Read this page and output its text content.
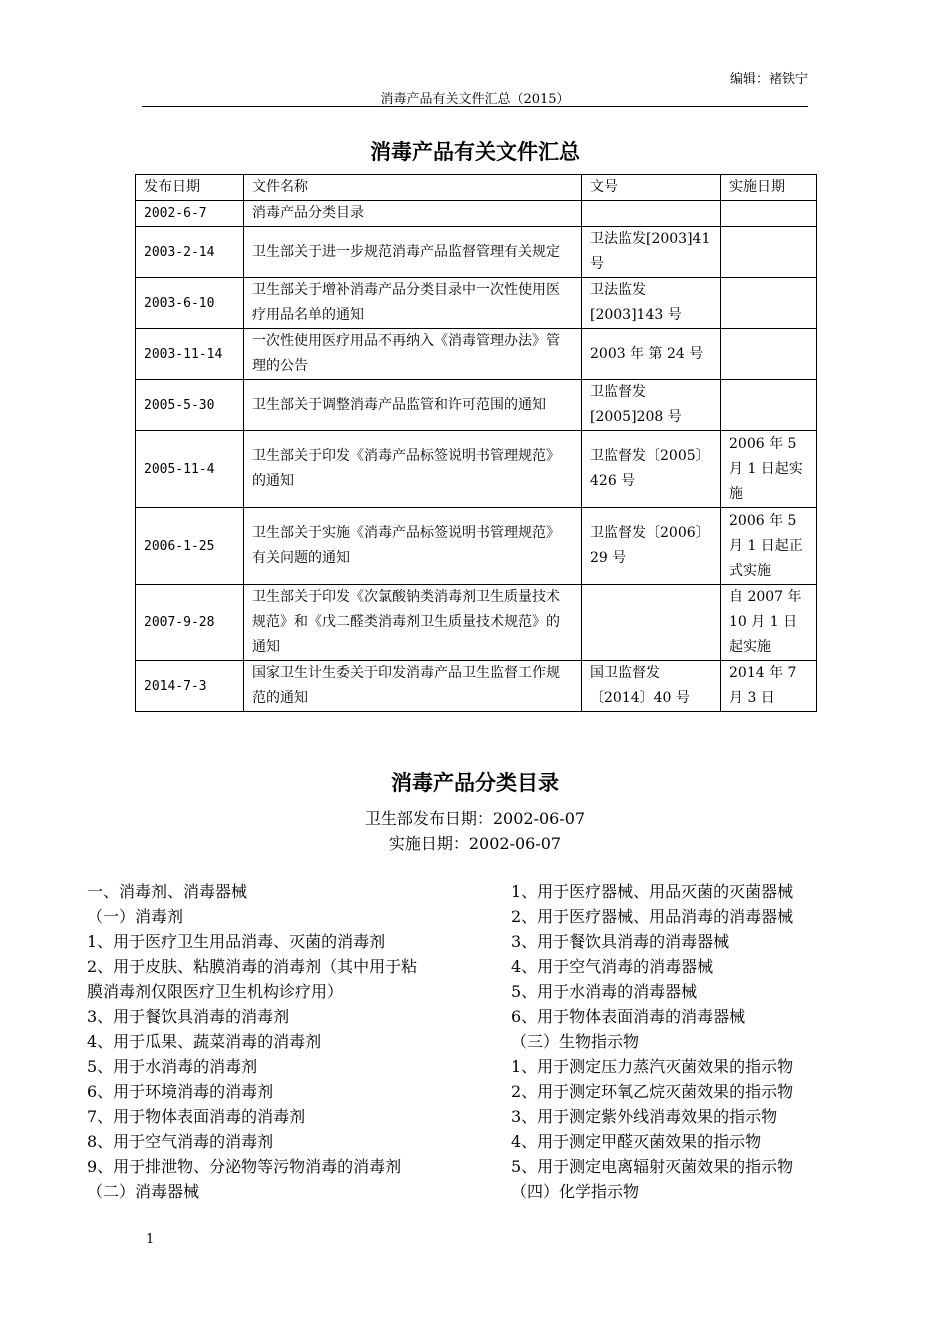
编辑：褚铁宁
消毒产品有关文件汇总（2015）
消毒产品有关文件汇总
发布日期	文件名称	文号	实施日期
2002-6-7	消毒产品分类目录		
2003-2-14	卫生部关于进一步规范消毒产品监督管理有关规定	卫法监发[2003]41 号	
2003-6-10	卫生部关于增补消毒产品分类目录中一次性使用医疗用品名单的通知	卫法监发[2003]143 号	
2003-11-14	一次性使用医疗用品不再纳入《消毒管理办法》管理的公告	2003 年 第 24 号	
2005-5-30	卫生部关于调整消毒产品监管和许可范围的通知	卫监督发[2005]208 号	
2005-11-4	卫生部关于印发《消毒产品标签说明书管理规范》的通知	卫监督发〔2005〕426 号	2006 年 5 月 1 日起实施
2006-1-25	卫生部关于实施《消毒产品标签说明书管理规范》有关问题的通知	卫监督发〔2006〕29 号	2006 年 5 月 1 日起正式实施
2007-9-28	卫生部关于印发《次氯酸钠类消毒剂卫生质量技术规范》和《戊二醛类消毒剂卫生质量技术规范》的通知		自 2007 年 10 月 1 日起实施
2014-7-3	国家卫生计生委关于印发消毒产品卫生监督工作规范的通知	国卫监督发〔2014〕40 号	2014 年 7 月 3 日
消毒产品分类目录
卫生部发布日期：2002-06-07
实施日期：2002-06-07
一、消毒剂、消毒器械
（一）消毒剂
1、用于医疗卫生用品消毒、灭菌的消毒剂
2、用于皮肤、粘膜消毒的消毒剂（其中用于粘
膜消毒剂仅限医疗卫生机构诊疗用）
3、用于餐饮具消毒的消毒剂
4、用于瓜果、蔬菜消毒的消毒剂
5、用于水消毒的消毒剂
6、用于环境消毒的消毒剂
7、用于物体表面消毒的消毒剂
8、用于空气消毒的消毒剂
9、用于排泄物、分泌物等污物消毒的消毒剂
（二）消毒器械
1、用于医疗器械、用品灭菌的灭菌器械
2、用于医疗器械、用品消毒的消毒器械
3、用于餐饮具消毒的消毒器械
4、用于空气消毒的消毒器械
5、用于水消毒的消毒器械
6、用于物体表面消毒的消毒器械
（三）生物指示物
1、用于测定压力蒸汽灭菌效果的指示物
2、用于测定环氧乙烷灭菌效果的指示物
3、用于测定紫外线消毒效果的指示物
4、用于测定甲醛灭菌效果的指示物
5、用于测定电离辐射灭菌效果的指示物
（四）化学指示物
1
